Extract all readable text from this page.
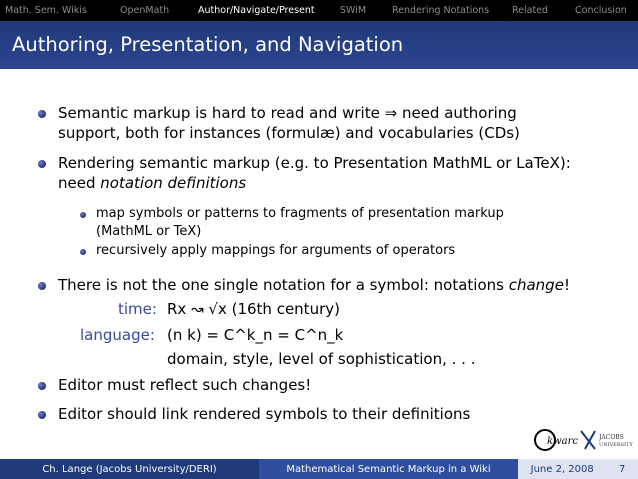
Math. Sem. Wikis	OpenMath	Author/Navigate/Present	SWiM	Rendering Notations Related	Conclusion
Authoring, Presentation, and Navigation
Semantic markup is hard to read and write ⇒ need authoring
support, both for instances (formulæ) and vocabularies (CDs)
Rendering semantic markup (e.g. to Presentation MathML or LaTeX):
need notation definitions
map symbols or patterns to fragments of presentation markup
(MathML or TeX)
recursively apply mappings for arguments of operators
There is not the one single notation for a symbol: notations change!
time: Rx ↝ √x (16th century)
language: (n k) = C^k_n = C^n_k
domain, style, level of sophistication, . . .
Editor must reflect such changes!
Editor should link rendered symbols to their definitions
kwarc	JACOBS
UNIVERSITY
Ch. Lange (Jacobs University/DERI)	Mathematical Semantic Markup in a Wiki	June 2, 2008	7
